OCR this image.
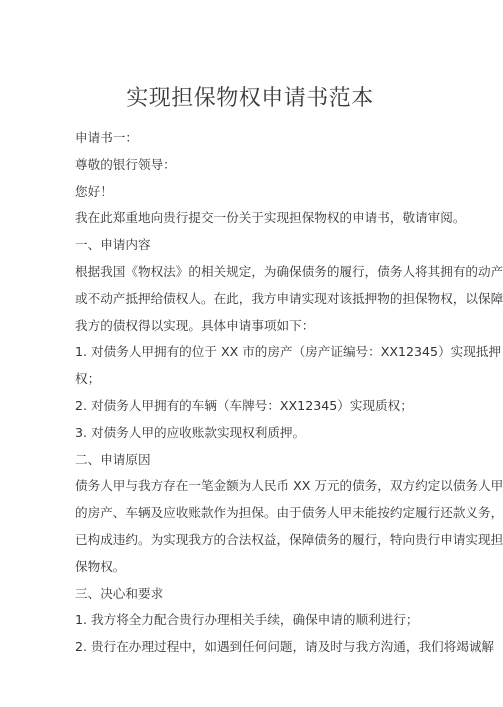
实现担保物权申请书范本
申请书一：
尊敬的银行领导：
您好！
我在此郑重地向贵行提交一份关于实现担保物权的申请书，敬请审阅。
一、申请内容
根据我国《物权法》的相关规定，为确保债务的履行，债务人将其拥有的动产
或不动产抵押给债权人。在此，我方申请实现对该抵押物的担保物权，以保障
我方的债权得以实现。具体申请事项如下：
1. 对债务人甲拥有的位于 XX 市的房产（房产证编号：XX12345）实现抵押
权；
2. 对债务人甲拥有的车辆（车牌号：XX12345）实现质权；
3. 对债务人甲的应收账款实现权利质押。
二、申请原因
债务人甲与我方存在一笔金额为人民币 XX 万元的债务，双方约定以债务人甲
的房产、车辆及应收账款作为担保。由于债务人甲未能按约定履行还款义务，
已构成违约。为实现我方的合法权益，保障债务的履行，特向贵行申请实现担
保物权。
三、决心和要求
1. 我方将全力配合贵行办理相关手续，确保申请的顺利进行；
2. 贵行在办理过程中，如遇到任何问题，请及时与我方沟通，我们将竭诚解
